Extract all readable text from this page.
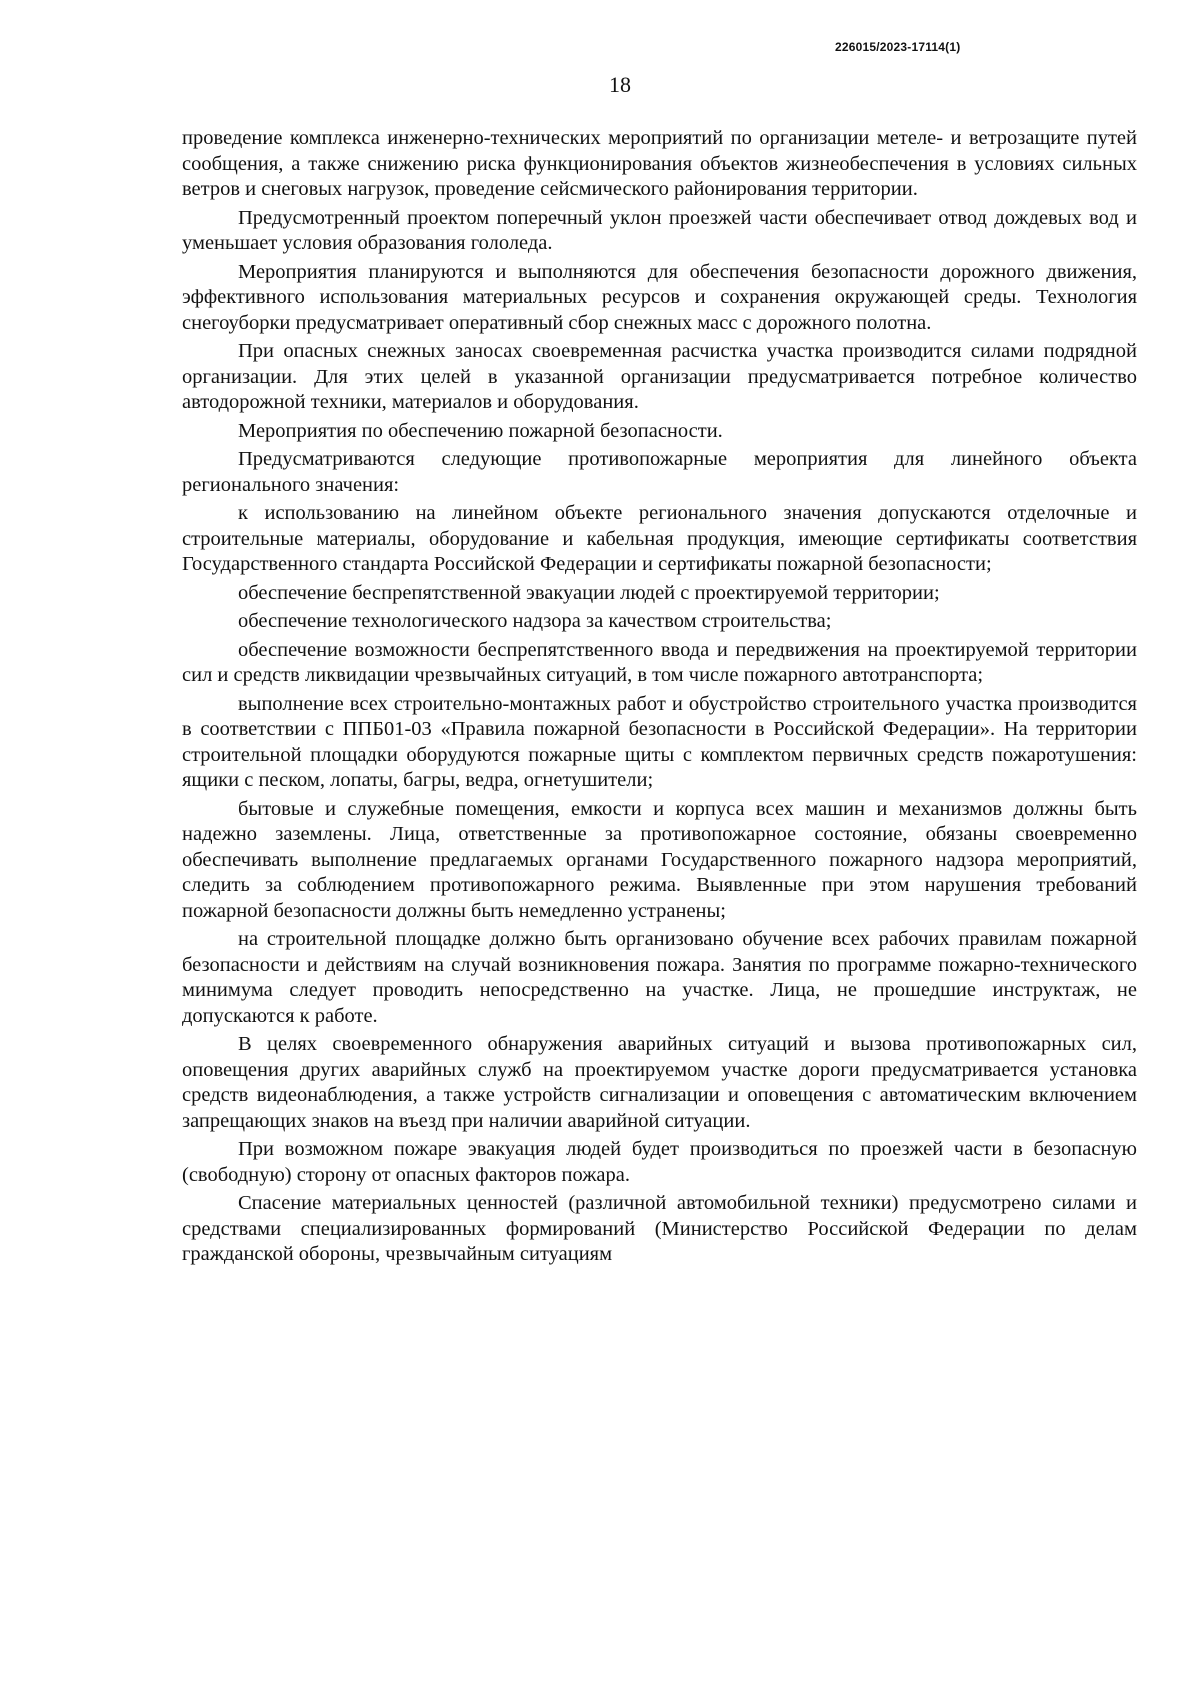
226015/2023-17114(1)
18

проведение комплекса инженерно-технических мероприятий по организации метеле- и ветрозащите путей сообщения, а также снижению риска функционирования объектов жизнеобеспечения в условиях сильных ветров и снеговых нагрузок, проведение сейсмического районирования территории.

Предусмотренный проектом поперечный уклон проезжей части обеспечивает отвод дождевых вод и уменьшает условия образования гололеда.

Мероприятия планируются и выполняются для обеспечения безопасности дорожного движения, эффективного использования материальных ресурсов и сохранения окружающей среды. Технология снегоуборки предусматривает оперативный сбор снежных масс с дорожного полотна.

При опасных снежных заносах своевременная расчистка участка производится силами подрядной организации. Для этих целей в указанной организации предусматривается потребное количество автодорожной техники, материалов и оборудования.

Мероприятия по обеспечению пожарной безопасности.

Предусматриваются следующие противопожарные мероприятия для линейного объекта регионального значения:

к использованию на линейном объекте регионального значения допускаются отделочные и строительные материалы, оборудование и кабельная продукция, имеющие сертификаты соответствия Государственного стандарта Российской Федерации и сертификаты пожарной безопасности;

обеспечение беспрепятственной эвакуации людей с проектируемой территории;

обеспечение технологического надзора за качеством строительства;

обеспечение возможности беспрепятственного ввода и передвижения на проектируемой территории сил и средств ликвидации чрезвычайных ситуаций, в том числе пожарного автотранспорта;

выполнение всех строительно-монтажных работ и обустройство строительного участка производится в соответствии с ППБ01-03 «Правила пожарной безопасности в Российской Федерации». На территории строительной площадки оборудуются пожарные щиты с комплектом первичных средств пожаротушения: ящики с песком, лопаты, багры, ведра, огнетушители;

бытовые и служебные помещения, емкости и корпуса всех машин и механизмов должны быть надежно заземлены. Лица, ответственные за противопожарное состояние, обязаны своевременно обеспечивать выполнение предлагаемых органами Государственного пожарного надзора мероприятий, следить за соблюдением противопожарного режима. Выявленные при этом нарушения требований пожарной безопасности должны быть немедленно устранены;

на строительной площадке должно быть организовано обучение всех рабочих правилам пожарной безопасности и действиям на случай возникновения пожара. Занятия по программе пожарно-технического минимума следует проводить непосредственно на участке. Лица, не прошедшие инструктаж, не допускаются к работе.

В целях своевременного обнаружения аварийных ситуаций и вызова противопожарных сил, оповещения других аварийных служб на проектируемом участке дороги предусматривается установка средств видеонаблюдения, а также устройств сигнализации и оповещения с автоматическим включением запрещающих знаков на въезд при наличии аварийной ситуации.

При возможном пожаре эвакуация людей будет производиться по проезжей части в безопасную (свободную) сторону от опасных факторов пожара.

Спасение материальных ценностей (различной автомобильной техники) предусмотрено силами и средствами специализированных формирований (Министерство Российской Федерации по делам гражданской обороны, чрезвычайным ситуациям
